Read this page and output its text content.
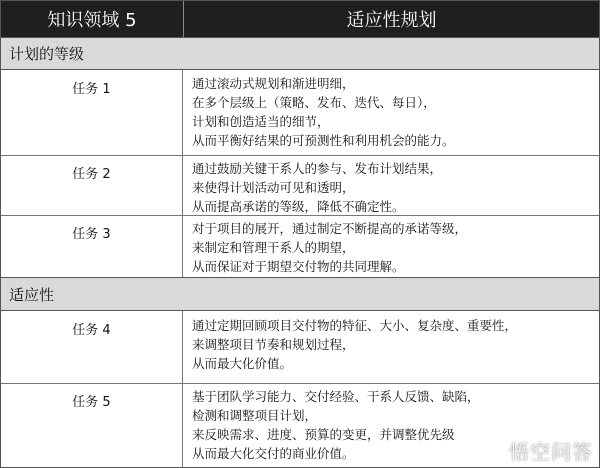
知识领域 5	适应性规划
计划的等级
任务 1	通过滚动式规划和渐进明细，
在多个层级上（策略、发布、迭代、每日），
计划和创造适当的细节，
从而平衡好结果的可预测性和利用机会的能力。
任务 2	通过鼓励关键干系人的参与、发布计划结果，
来使得计划活动可见和透明，
从而提高承诺的等级，降低不确定性。
任务 3	对于项目的展开，通过制定不断提高的承诺等级，
来制定和管理干系人的期望，
从而保证对于期望交付物的共同理解。
适应性
任务 4	通过定期回顾项目交付物的特征、大小、复杂度、重要性，
来调整项目节奏和规划过程，
从而最大化价值。
任务 5	基于团队学习能力、交付经验、干系人反馈、缺陷，
检测和调整项目计划，
来反映需求、进度、预算的变更，并调整优先级
从而最大化交付的商业价值。	悟空问答
